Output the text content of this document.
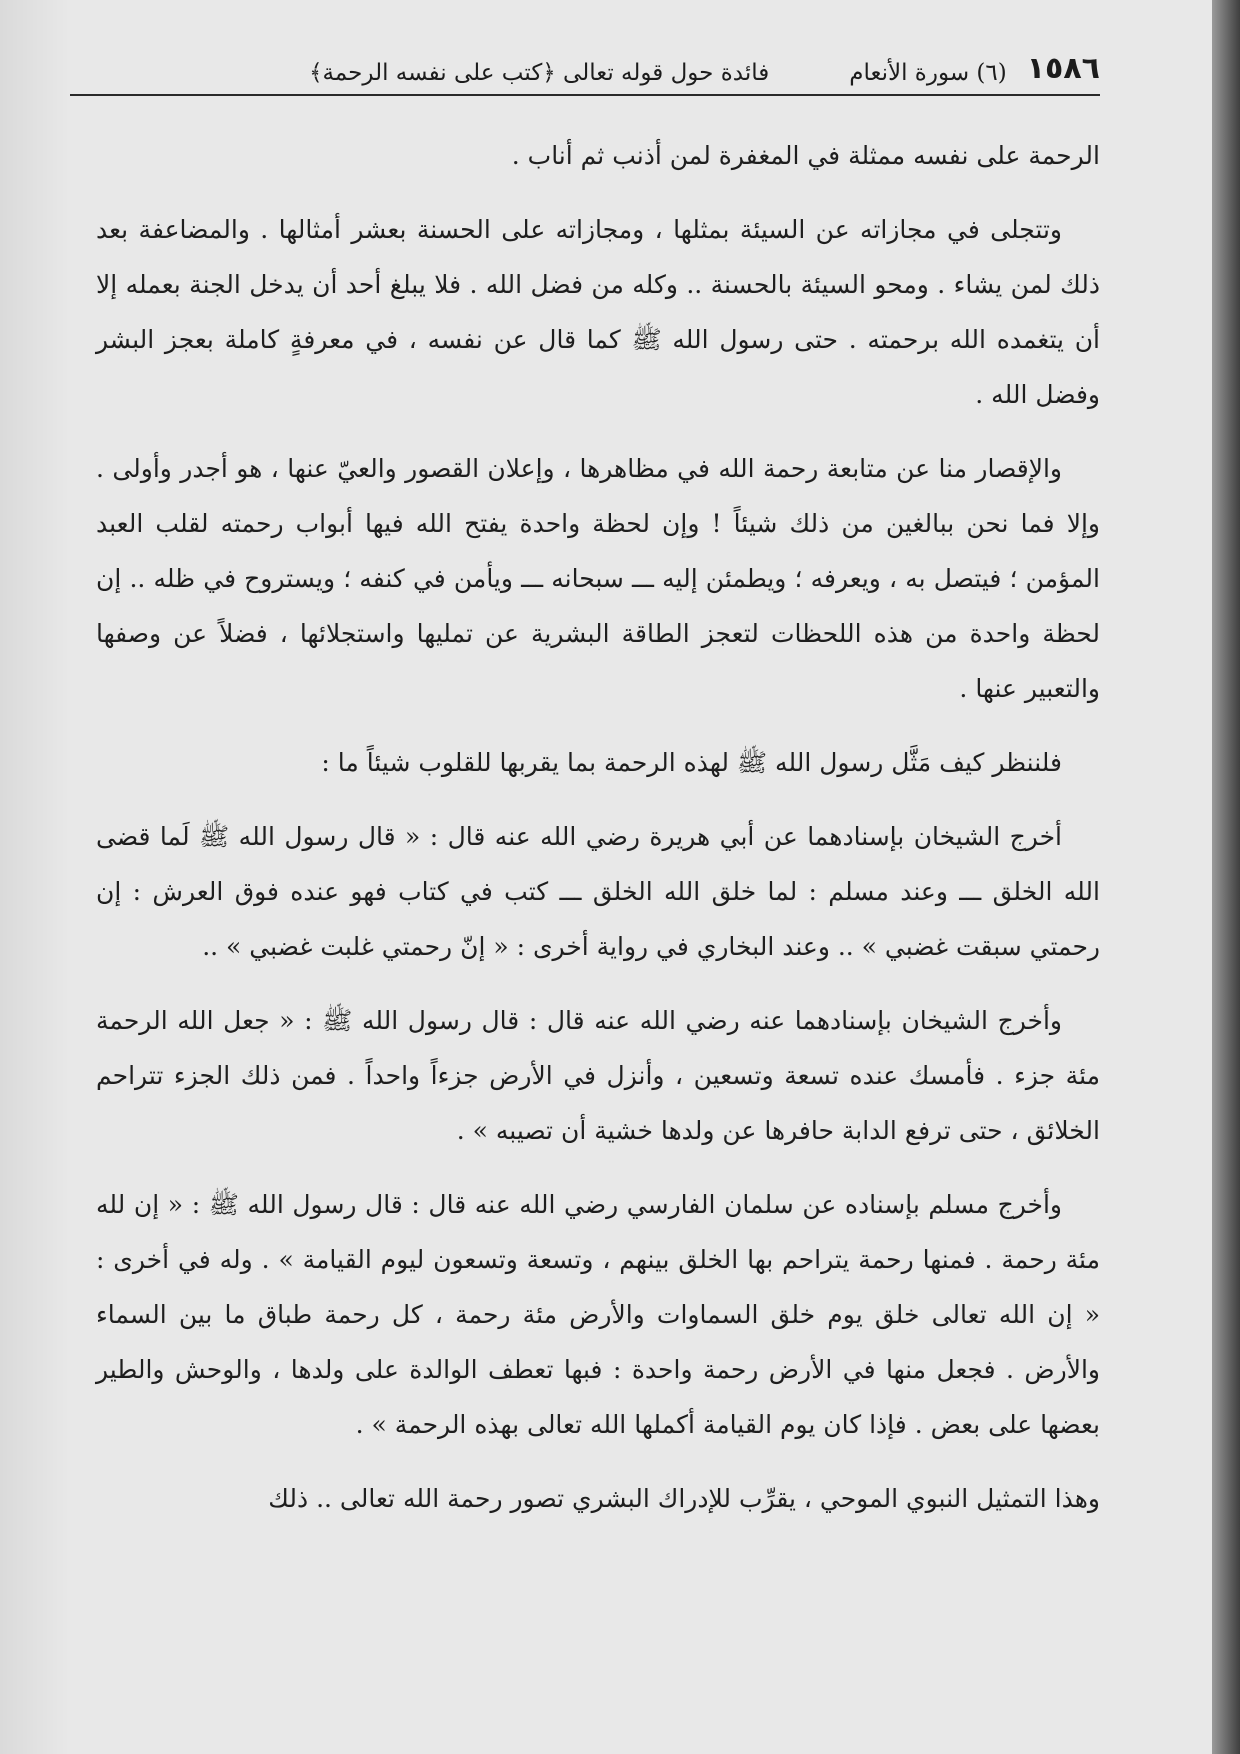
١٥٨٦
(٦) سورة الأنعام
فائدة حول قوله تعالى ﴿كتب على نفسه الرحمة﴾

الرحمة على نفسه ممثلة في المغفرة لمن أذنب ثم أناب .

وتتجلى في مجازاته عن السيئة بمثلها ، ومجازاته على الحسنة بعشر أمثالها . والمضاعفة بعد ذلك لمن يشاء . ومحو السيئة بالحسنة .. وكله من فضل الله . فلا يبلغ أحد أن يدخل الجنة بعمله إلا أن يتغمده الله برحمته . حتى رسول الله ﷺ كما قال عن نفسه ، في معرفةٍ كاملة بعجز البشر وفضل الله .

والإقصار منا عن متابعة رحمة الله في مظاهرها ، وإعلان القصور والعيّ عنها ، هو أجدر وأولى . وإلا فما نحن ببالغين من ذلك شيئاً ! وإن لحظة واحدة يفتح الله فيها أبواب رحمته لقلب العبد المؤمن ؛ فيتصل به ، ويعرفه ؛ ويطمئن إليه ـــ سبحانه ـــ ويأمن في كنفه ؛ ويستروح في ظله .. إن لحظة واحدة من هذه اللحظات لتعجز الطاقة البشرية عن تمليها واستجلائها ، فضلاً عن وصفها والتعبير عنها .

فلننظر كيف مَثَّل رسول الله ﷺ لهذه الرحمة بما يقربها للقلوب شيئاً ما :

أخرج الشيخان بإسنادهما عن أبي هريرة رضي الله عنه قال : « قال رسول الله ﷺ لَما قضى الله الخلق ـــ وعند مسلم : لما خلق الله الخلق ـــ كتب في كتاب فهو عنده فوق العرش : إن رحمتي سبقت غضبي » .. وعند البخاري في رواية أخرى : « إنّ رحمتي غلبت غضبي » ..

وأخرج الشيخان بإسنادهما عنه رضي الله عنه قال : قال رسول الله ﷺ : « جعل الله الرحمة مئة جزء . فأمسك عنده تسعة وتسعين ، وأنزل في الأرض جزءاً واحداً . فمن ذلك الجزء تتراحم الخلائق ، حتى ترفع الدابة حافرها عن ولدها خشية أن تصيبه » .

وأخرج مسلم بإسناده عن سلمان الفارسي رضي الله عنه قال : قال رسول الله ﷺ : « إن لله مئة رحمة . فمنها رحمة يتراحم بها الخلق بينهم ، وتسعة وتسعون ليوم القيامة » . وله في أخرى : « إن الله تعالى خلق يوم خلق السماوات والأرض مئة رحمة ، كل رحمة طباق ما بين السماء والأرض . فجعل منها في الأرض رحمة واحدة : فبها تعطف الوالدة على ولدها ، والوحش والطير بعضها على بعض . فإذا كان يوم القيامة أكملها الله تعالى بهذه الرحمة » .

وهذا التمثيل النبوي الموحي ، يقرِّب للإدراك البشري تصور رحمة الله تعالى .. ذلك
